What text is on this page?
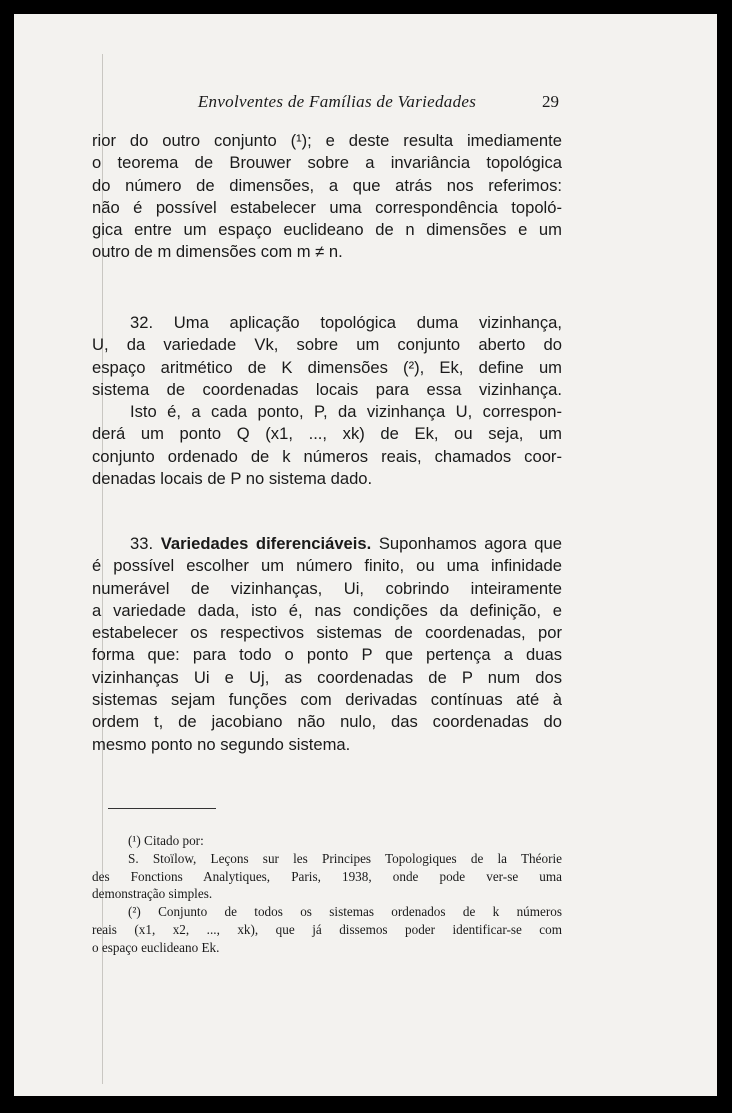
Envolventes de Famílias de Variedades	29
rior do outro conjunto (¹); e deste resulta imediamente
o teorema de Brouwer sobre a invariância topológica
do número de dimensões, a que atrás nos referimos:
não é possível estabelecer uma correspondência topoló-
gica entre um espaço euclideano de n dimensões e um
outro de m dimensões com m ≠ n.
32. Uma aplicação topológica duma vizinhança,
U, da variedade Vk, sobre um conjunto aberto do
espaço aritmético de K dimensões (²), Ek, define um
sistema de coordenadas locais para essa vizinhança.
Isto é, a cada ponto, P, da vizinhança U, correspon-
derá um ponto Q (x1, ..., xk) de Ek, ou seja, um
conjunto ordenado de k números reais, chamados coor-
denadas locais de P no sistema dado.
33. Variedades diferenciáveis. Suponhamos agora que
é possível escolher um número finito, ou uma infinidade
numerável de vizinhanças, Ui, cobrindo inteiramente
a variedade dada, isto é, nas condições da definição, e
estabelecer os respectivos sistemas de coordenadas, por
forma que: para todo o ponto P que pertença a duas
vizinhanças Ui e Uj, as coordenadas de P num dos
sistemas sejam funções com derivadas contínuas até à
ordem t, de jacobiano não nulo, das coordenadas do
mesmo ponto no segundo sistema.
(¹) Citado por:
S. Stoïlow, Leçons sur les Principes Topologiques de la Théorie
des Fonctions Analytiques, Paris, 1938, onde pode ver-se uma
demonstração simples.
(²) Conjunto de todos os sistemas ordenados de k números
reais (x1, x2, ..., xk), que já dissemos poder identificar-se com
o espaço euclideano Ek.
